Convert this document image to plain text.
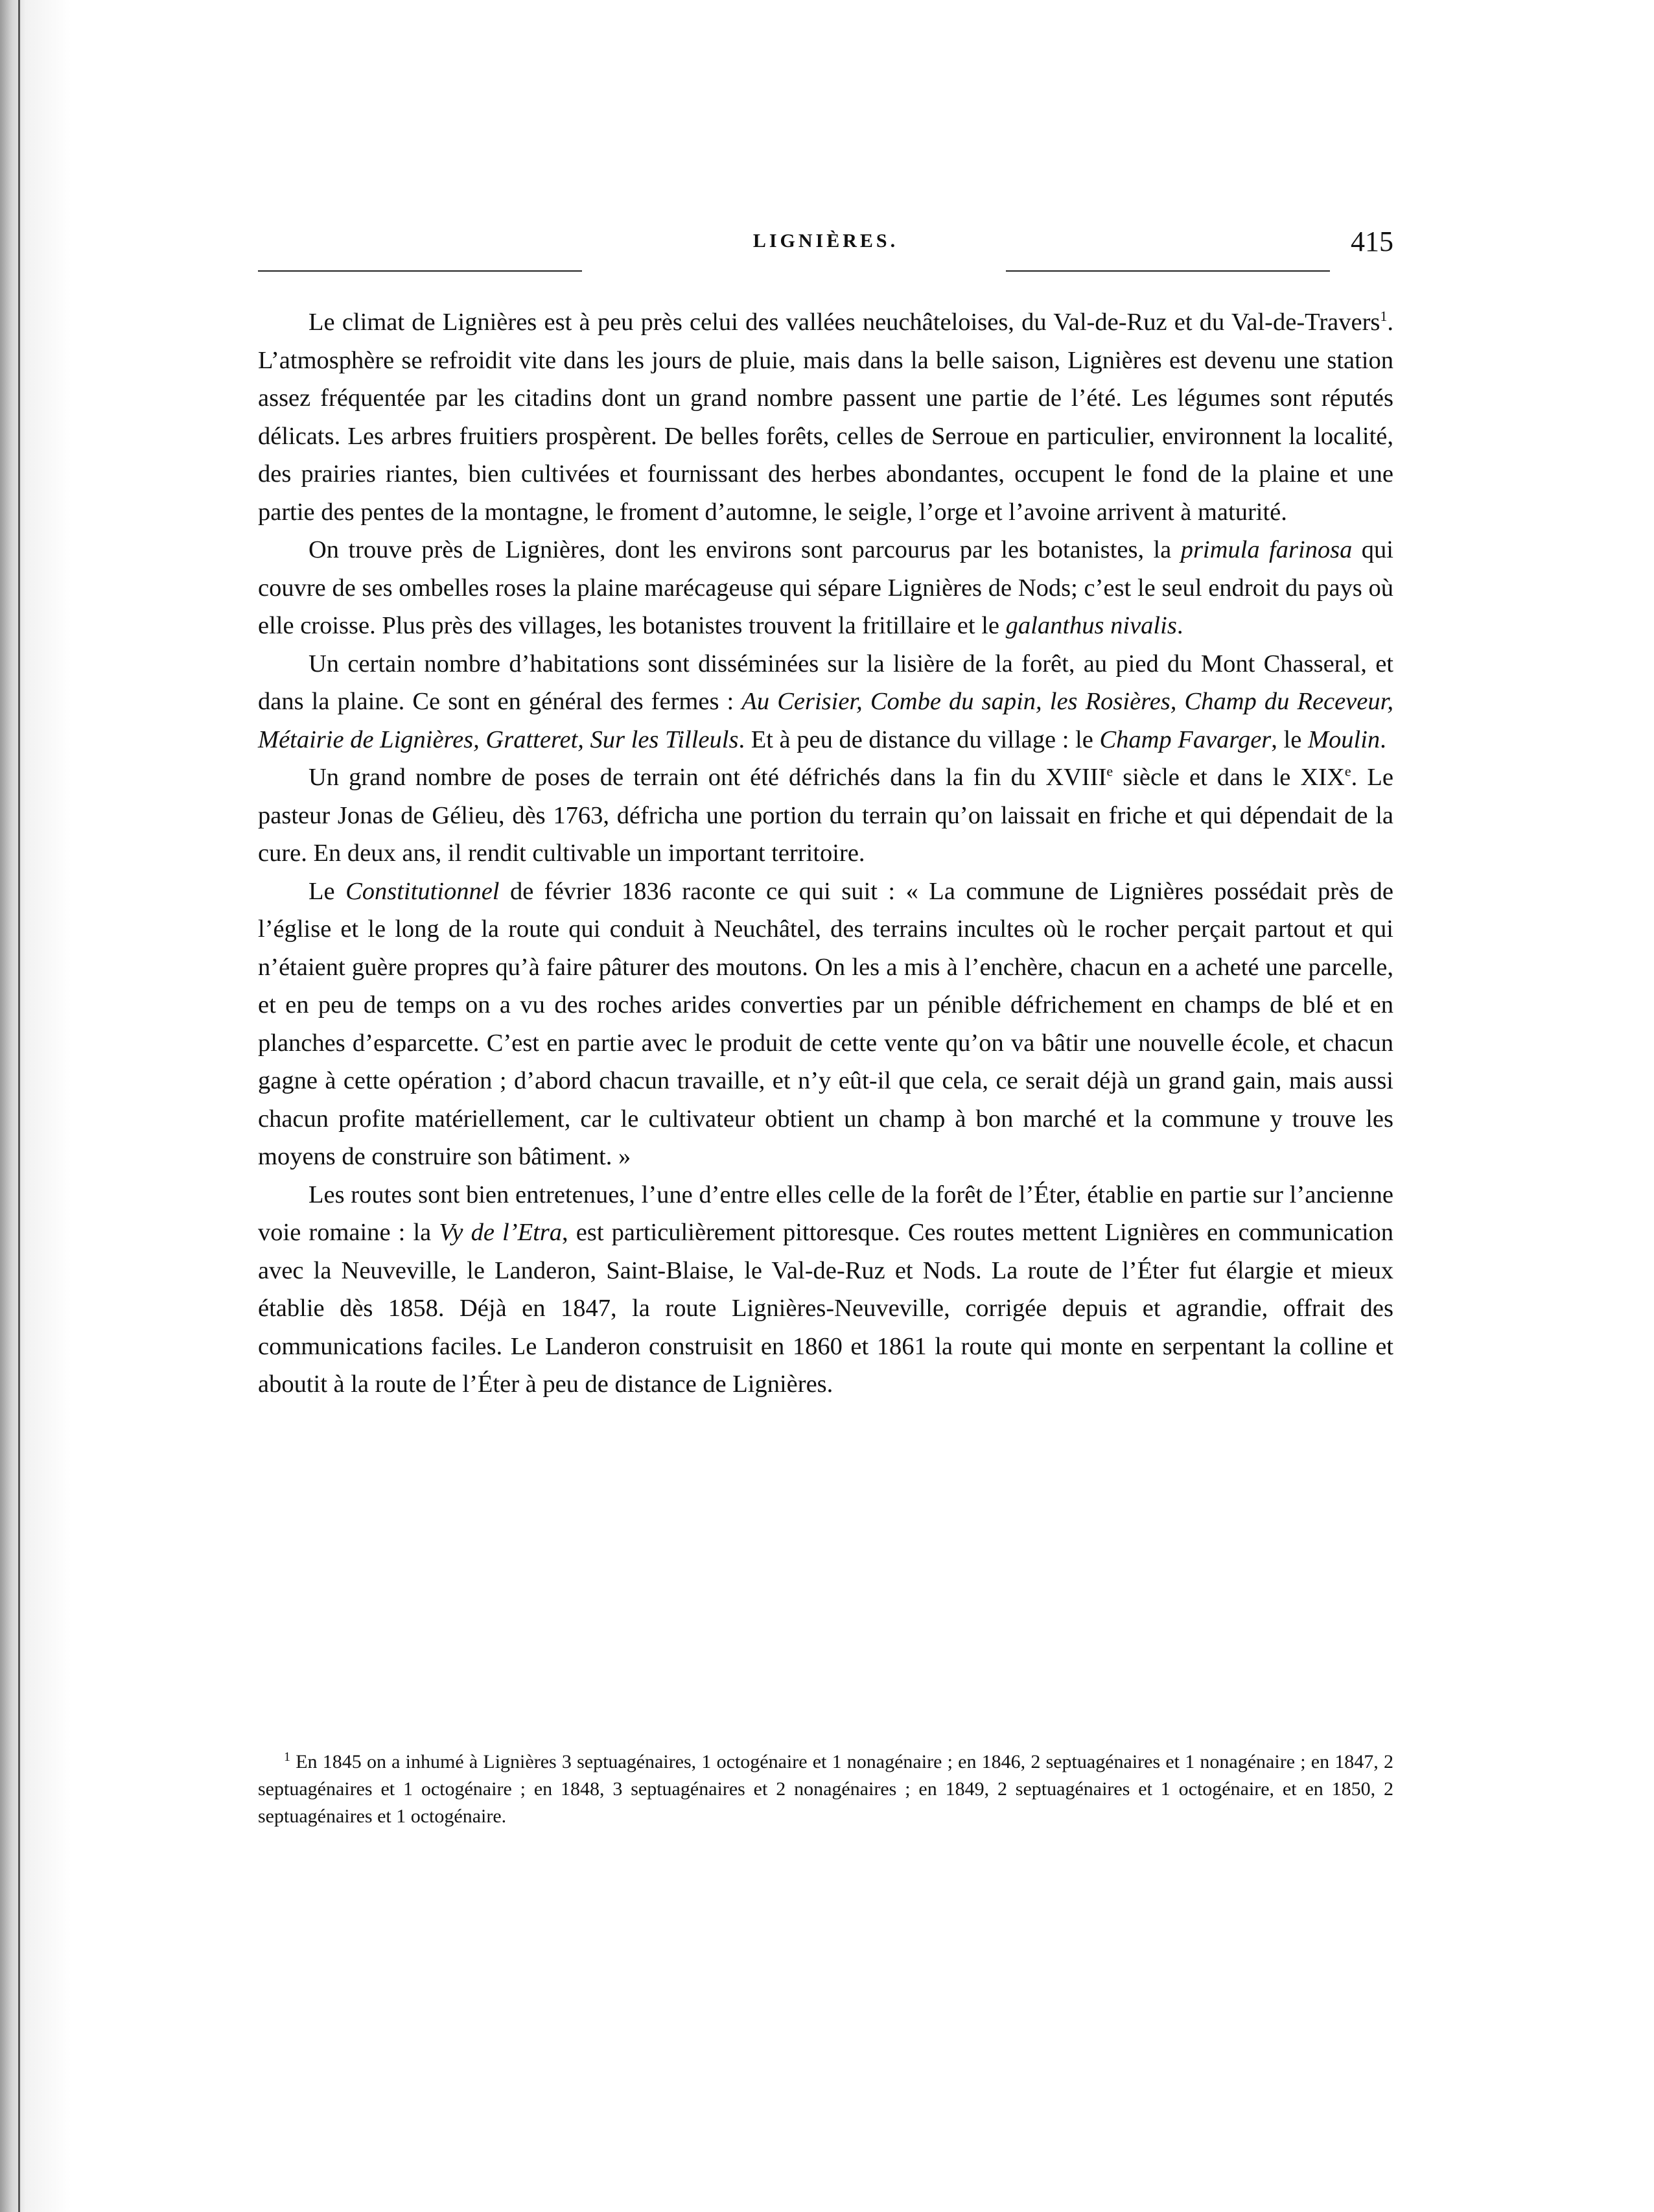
LIGNIÈRES.	415

Le climat de Lignières est à peu près celui des vallées neuchâteloises, du Val-de-Ruz et du Val-de-Travers$^1$. L’atmosphère se refroidit vite dans les jours de pluie, mais dans la belle saison, Lignières est devenu une station assez fréquentée par les citadins dont un grand nombre passent une partie de l’été. Les légumes sont réputés délicats. Les arbres fruitiers prospèrent. De belles forêts, celles de Serroue en particulier, environnent la localité, des prairies riantes, bien cultivées et fournissant des herbes abondantes, occupent le fond de la plaine et une partie des pentes de la montagne, le froment d’automne, le seigle, l’orge et l’avoine arrivent à maturité.

On trouve près de Lignières, dont les environs sont parcourus par les botanistes, la primula farinosa qui couvre de ses ombelles roses la plaine marécageuse qui sépare Lignières de Nods; c’est le seul endroit du pays où elle croisse. Plus près des villages, les botanistes trouvent la fritillaire et le galanthus nivalis.

Un certain nombre d’habitations sont disséminées sur la lisière de la forêt, au pied du Mont Chasseral, et dans la plaine. Ce sont en général des fermes : Au Cerisier, Combe du sapin, les Rosières, Champ du Receveur, Métairie de Lignières, Gratteret, Sur les Tilleuls. Et à peu de distance du village : le Champ Favarger, le Moulin.

Un grand nombre de poses de terrain ont été défrichés dans la fin du XVIIIe siècle et dans le XIXe. Le pasteur Jonas de Gélieu, dès 1763, défricha une portion du terrain qu’on laissait en friche et qui dépendait de la cure. En deux ans, il rendit cultivable un important territoire.

Le Constitutionnel de février 1836 raconte ce qui suit : « La commune de Lignières possédait près de l’église et le long de la route qui conduit à Neuchâtel, des terrains incultes où le rocher perçait partout et qui n’étaient guère propres qu’à faire pâturer des moutons. On les a mis à l’enchère, chacun en a acheté une parcelle, et en peu de temps on a vu des roches arides converties par un pénible défrichement en champs de blé et en planches d’esparcette. C’est en partie avec le produit de cette vente qu’on va bâtir une nouvelle école, et chacun gagne à cette opération ; d’abord chacun travaille, et n’y eût-il que cela, ce serait déjà un grand gain, mais aussi chacun profite matériellement, car le cultivateur obtient un champ à bon marché et la commune y trouve les moyens de construire son bâtiment. »

Les routes sont bien entretenues, l’une d’entre elles celle de la forêt de l’Éter, établie en partie sur l’ancienne voie romaine : la Vy de l’Etra, est particulièrement pittoresque. Ces routes mettent Lignières en communication avec la Neuveville, le Landeron, Saint-Blaise, le Val-de-Ruz et Nods. La route de l’Éter fut élargie et mieux établie dès 1858. Déjà en 1847, la route Lignières-Neuveville, corrigée depuis et agrandie, offrait des communications faciles. Le Landeron construisit en 1860 et 1861 la route qui monte en serpentant la colline et aboutit à la route de l’Éter à peu de distance de Lignières.

$^1$ En 1845 on a inhumé à Lignières 3 septuagénaires, 1 octogénaire et 1 nonagénaire ; en 1846, 2 septuagénaires et 1 nonagénaire ; en 1847, 2 septuagénaires et 1 octogénaire ; en 1848, 3 septuagénaires et 2 nonagénaires ; en 1849, 2 septuagénaires et 1 octogénaire, et en 1850, 2 septuagénaires et 1 octogénaire.
